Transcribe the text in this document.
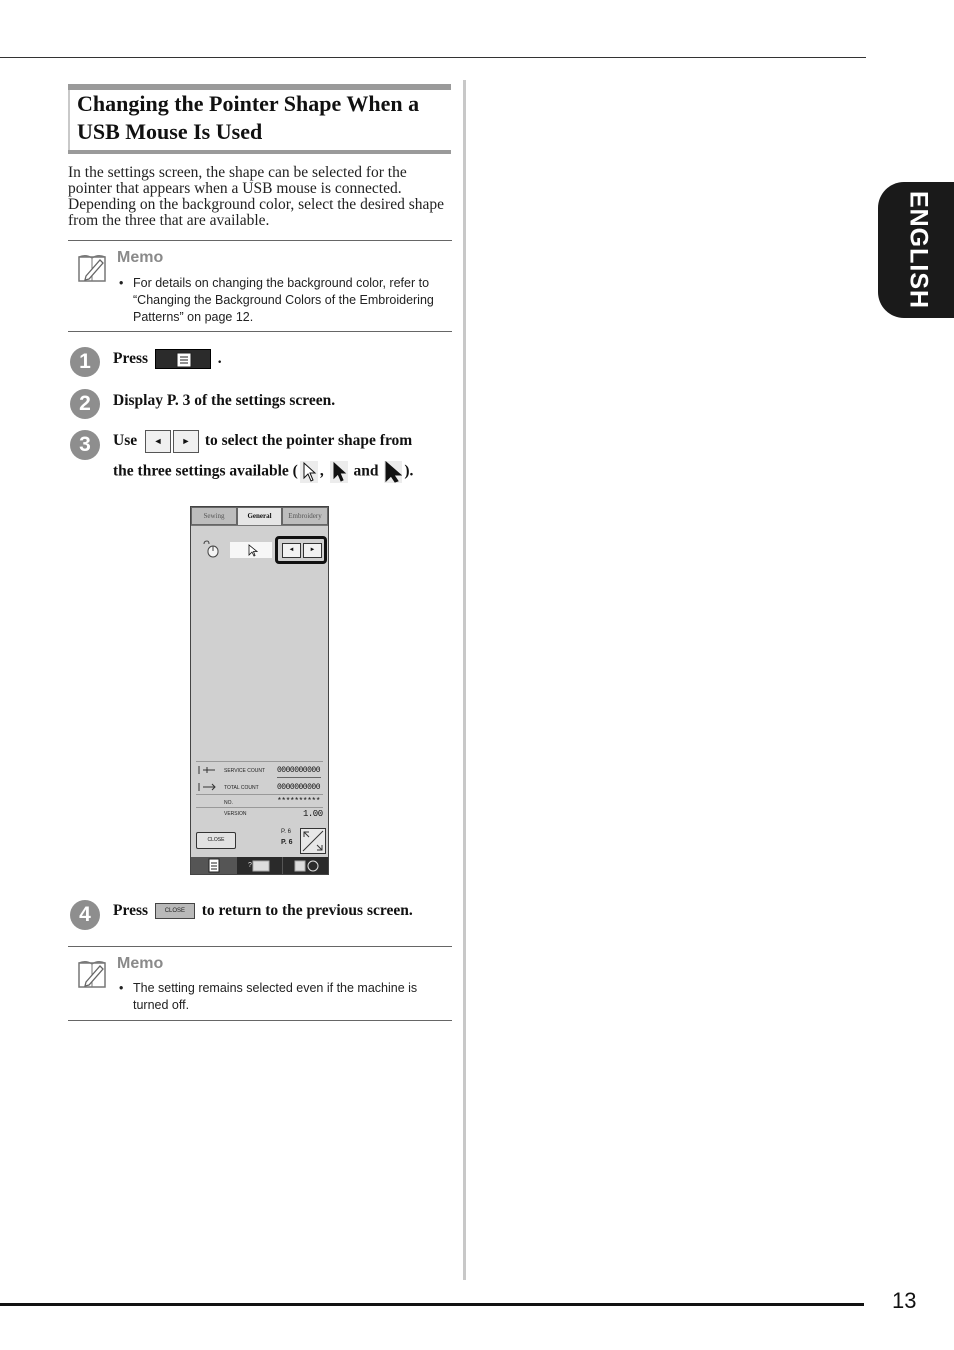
ENGLISH
Changing the Pointer Shape When a USB Mouse Is Used

In the settings screen, the shape can be selected for the pointer that appears when a USB mouse is connected. Depending on the background color, select the desired shape from the three that are available.

Memo
• For details on changing the background color, refer to “Changing the Background Colors of the Embroidering Patterns” on page 12.
1	Press	.
2	Display P. 3 of the settings screen.
3	Use ◄ ► to select the pointer shape from
the three settings available ( , and ).
Sewing	General	Embroidery
◄	►
SERVICE COUNT 0000000000
TOTAL COUNT 0000000000
NO.	**********
VERSION	1.00
CLOSE
P. 6
P. 6
?
4	Press	CLOSE to return to the previous screen.
Memo
• The setting remains selected even if the machine is turned off.
13
